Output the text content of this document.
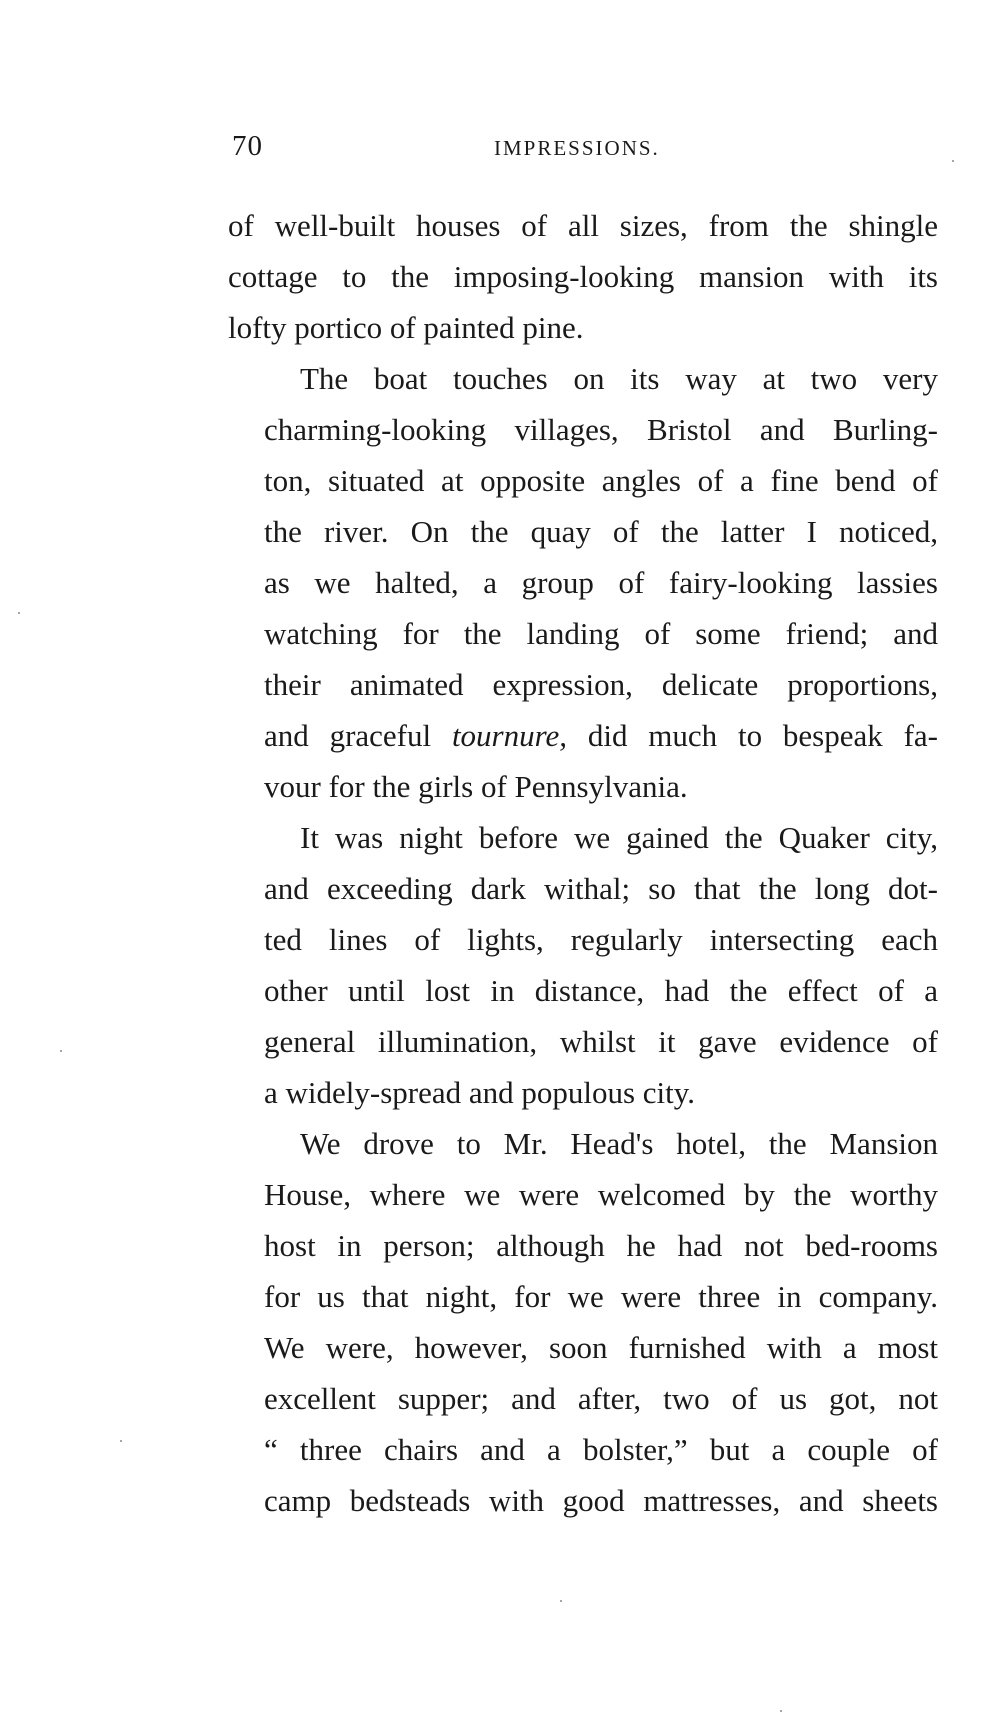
70	IMPRESSIONS.
of well-built houses of all sizes, from the shingle
cottage to the imposing-looking mansion with its
lofty portico of painted pine.
The boat touches on its way at two very
charming-looking villages, Bristol and Burling-
ton, situated at opposite angles of a fine bend of
the river. On the quay of the latter I noticed,
as we halted, a group of fairy-looking lassies
watching for the landing of some friend; and
their animated expression, delicate proportions,
and graceful tournure, did much to bespeak fa-
vour for the girls of Pennsylvania.
It was night before we gained the Quaker city,
and exceeding dark withal; so that the long dot-
ted lines of lights, regularly intersecting each
other until lost in distance, had the effect of a
general illumination, whilst it gave evidence of
a widely-spread and populous city.
We drove to Mr. Head's hotel, the Mansion
House, where we were welcomed by the worthy
host in person; although he had not bed-rooms
for us that night, for we were three in company.
We were, however, soon furnished with a most
excellent supper; and after, two of us got, not
“ three chairs and a bolster,” but a couple of
camp bedsteads with good mattresses, and sheets
